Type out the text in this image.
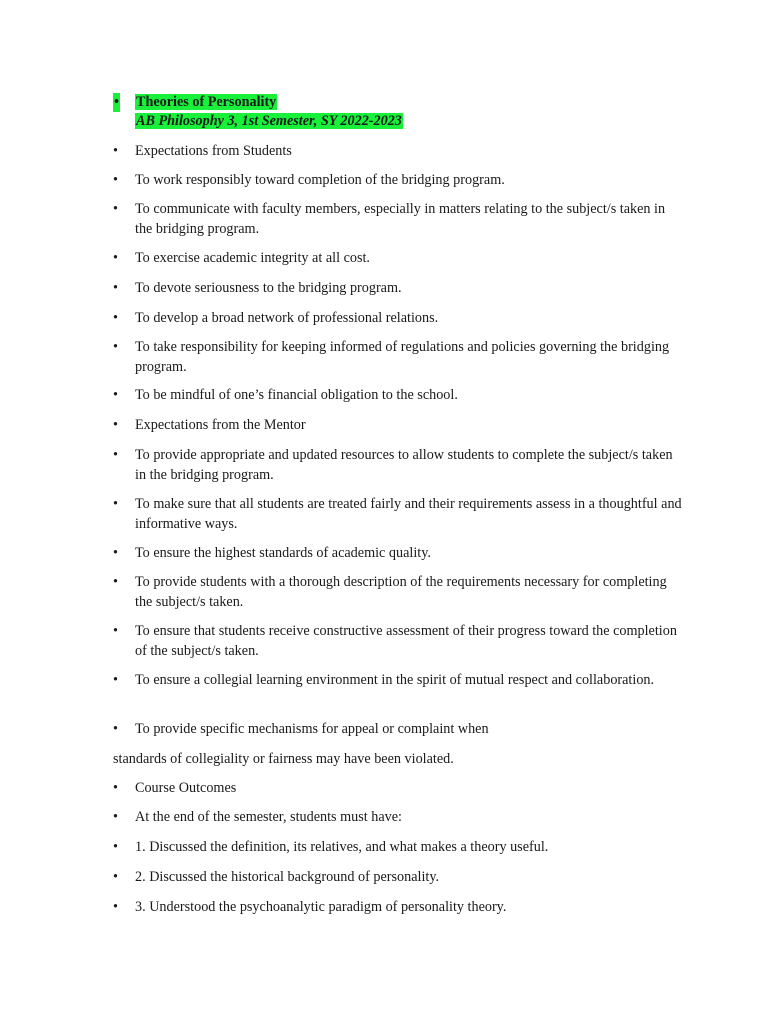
• Theories of Personality
AB Philosophy 3, 1st Semester, SY 2022-2023
• Expectations from Students
• To work responsibly toward completion of the bridging program.
• To communicate with faculty members, especially in matters relating to the subject/s taken in the bridging program.
• To exercise academic integrity at all cost.
• To devote seriousness to the bridging program.
• To develop a broad network of professional relations.
• To take responsibility for keeping informed of regulations and policies governing the bridging program.
• To be mindful of one’s financial obligation to the school.
• Expectations from the Mentor
• To provide appropriate and updated resources to allow students to complete the subject/s taken in the bridging program.
• To make sure that all students are treated fairly and their requirements assess in a thoughtful and informative ways.
• To ensure the highest standards of academic quality.
• To provide students with a thorough description of the requirements necessary for completing the subject/s taken.
• To ensure that students receive constructive assessment of their progress toward the completion of the subject/s taken.
• To ensure a collegial learning environment in the spirit of mutual respect and collaboration.
• To provide specific mechanisms for appeal or complaint when
standards of collegiality or fairness may have been violated.
• Course Outcomes
• At the end of the semester, students must have:
• 1. Discussed the definition, its relatives, and what makes a theory useful.
• 2. Discussed the historical background of personality.
• 3. Understood the psychoanalytic paradigm of personality theory.
